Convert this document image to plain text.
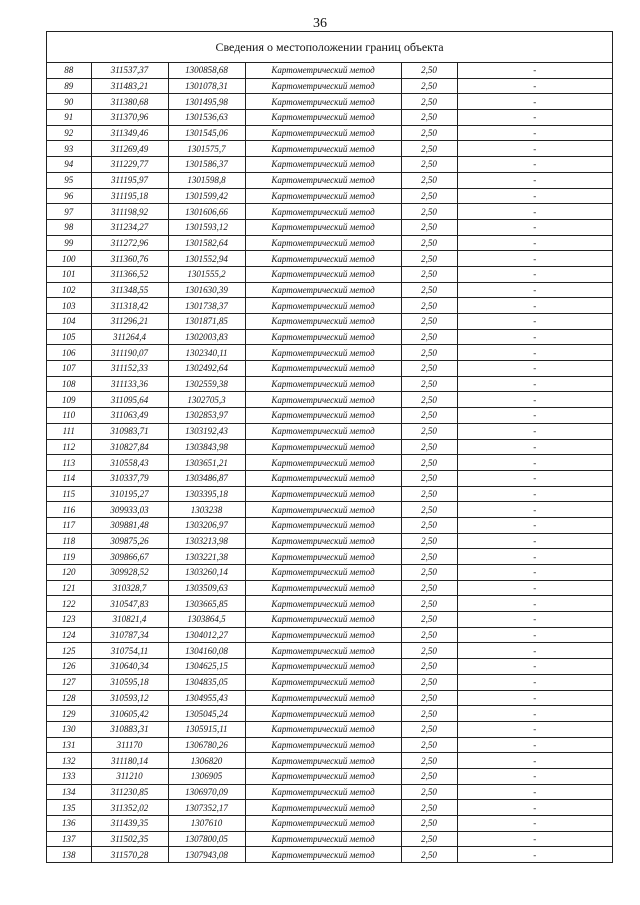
36
Сведения о местоположении границ объекта
88	311537,37	1300858,68	Картометрический метод	2,50	-
89	311483,21	1301078,31	Картометрический метод	2,50	-
90	311380,68	1301495,98	Картометрический метод	2,50	-
91	311370,96	1301536,63	Картометрический метод	2,50	-
92	311349,46	1301545,06	Картометрический метод	2,50	-
93	311269,49	1301575,7	Картометрический метод	2,50	-
94	311229,77	1301586,37	Картометрический метод	2,50	-
95	311195,97	1301598,8	Картометрический метод	2,50	-
96	311195,18	1301599,42	Картометрический метод	2,50	-
97	311198,92	1301606,66	Картометрический метод	2,50	-
98	311234,27	1301593,12	Картометрический метод	2,50	-
99	311272,96	1301582,64	Картометрический метод	2,50	-
100	311360,76	1301552,94	Картометрический метод	2,50	-
101	311366,52	1301555,2	Картометрический метод	2,50	-
102	311348,55	1301630,39	Картометрический метод	2,50	-
103	311318,42	1301738,37	Картометрический метод	2,50	-
104	311296,21	1301871,85	Картометрический метод	2,50	-
105	311264,4	1302003,83	Картометрический метод	2,50	-
106	311190,07	1302340,11	Картометрический метод	2,50	-
107	311152,33	1302492,64	Картометрический метод	2,50	-
108	311133,36	1302559,38	Картометрический метод	2,50	-
109	311095,64	1302705,3	Картометрический метод	2,50	-
110	311063,49	1302853,97	Картометрический метод	2,50	-
111	310983,71	1303192,43	Картометрический метод	2,50	-
112	310827,84	1303843,98	Картометрический метод	2,50	-
113	310558,43	1303651,21	Картометрический метод	2,50	-
114	310337,79	1303486,87	Картометрический метод	2,50	-
115	310195,27	1303395,18	Картометрический метод	2,50	-
116	309933,03	1303238	Картометрический метод	2,50	-
117	309881,48	1303206,97	Картометрический метод	2,50	-
118	309875,26	1303213,98	Картометрический метод	2,50	-
119	309866,67	1303221,38	Картометрический метод	2,50	-
120	309928,52	1303260,14	Картометрический метод	2,50	-
121	310328,7	1303509,63	Картометрический метод	2,50	-
122	310547,83	1303665,85	Картометрический метод	2,50	-
123	310821,4	1303864,5	Картометрический метод	2,50	-
124	310787,34	1304012,27	Картометрический метод	2,50	-
125	310754,11	1304160,08	Картометрический метод	2,50	-
126	310640,34	1304625,15	Картометрический метод	2,50	-
127	310595,18	1304835,05	Картометрический метод	2,50	-
128	310593,12	1304955,43	Картометрический метод	2,50	-
129	310605,42	1305045,24	Картометрический метод	2,50	-
130	310883,31	1305915,11	Картометрический метод	2,50	-
131	311170	1306780,26	Картометрический метод	2,50	-
132	311180,14	1306820	Картометрический метод	2,50	-
133	311210	1306905	Картометрический метод	2,50	-
134	311230,85	1306970,09	Картометрический метод	2,50	-
135	311352,02	1307352,17	Картометрический метод	2,50	-
136	311439,35	1307610	Картометрический метод	2,50	-
137	311502,35	1307800,05	Картометрический метод	2,50	-
138	311570,28	1307943,08	Картометрический метод	2,50	-
